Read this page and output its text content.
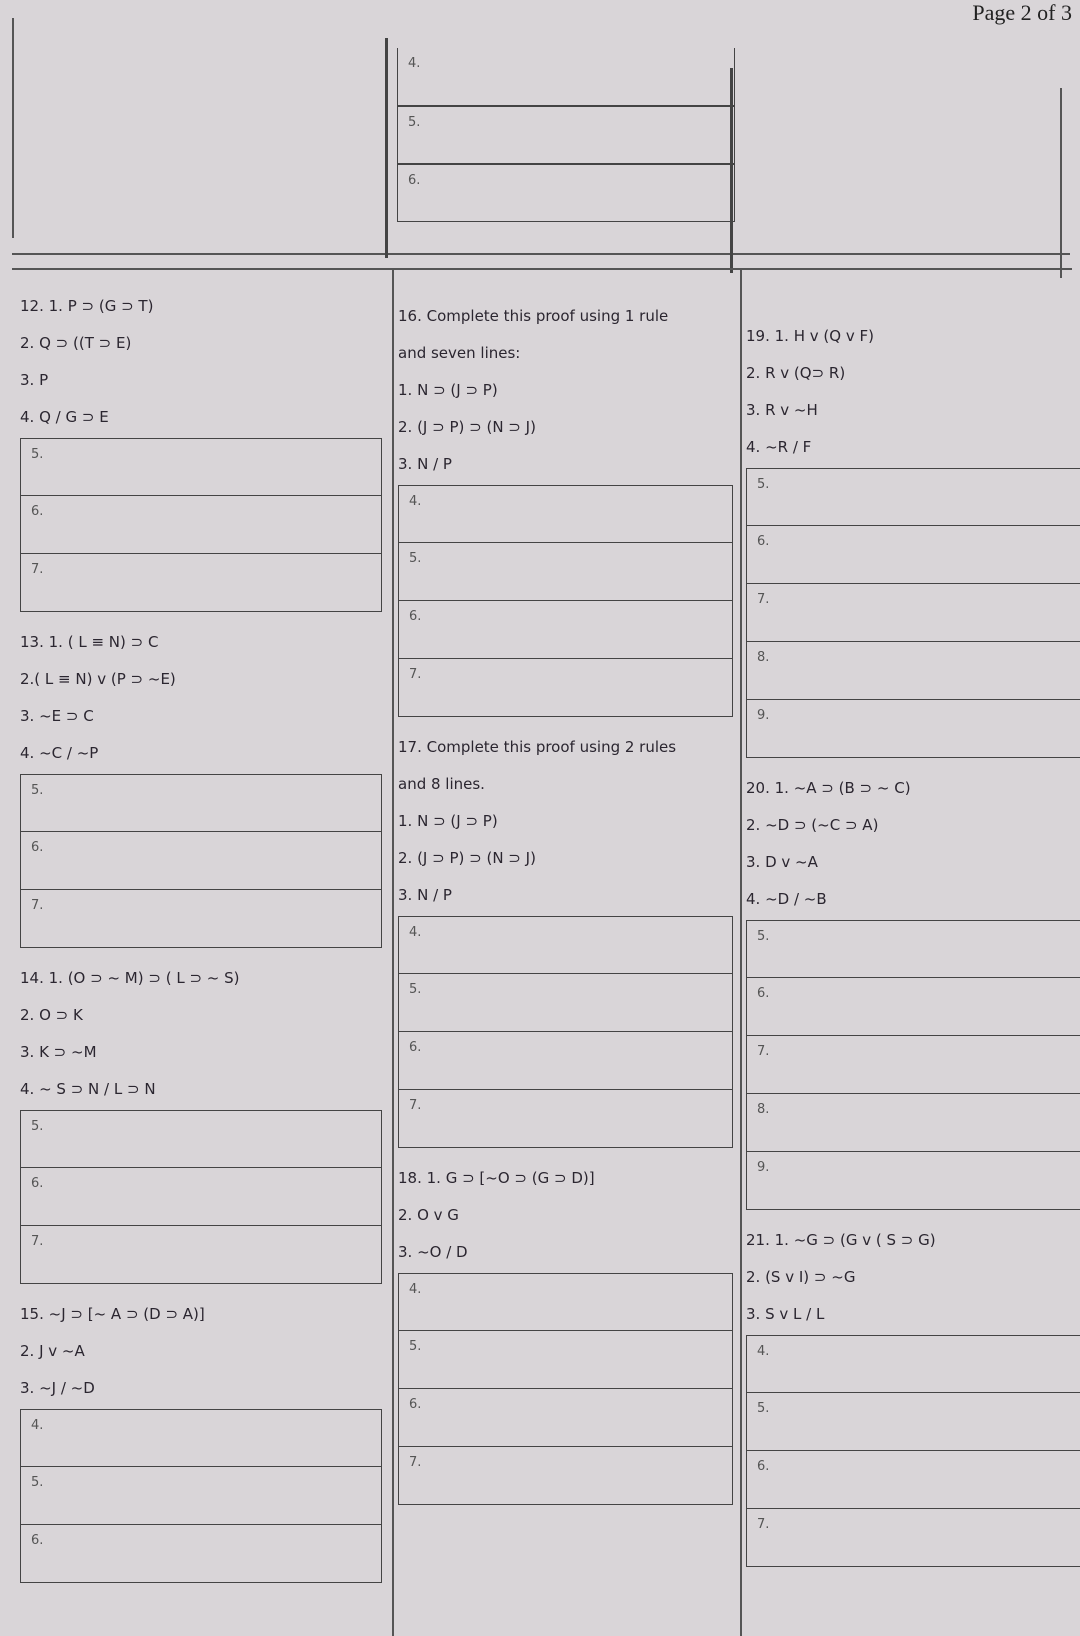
Page 2 of 3
4.
5.
6.
12. 1. P ⊃ (G ⊃ T)
2. Q ⊃ ((T ⊃ E)
3. P
4. Q / G ⊃ E
5.
6.
7.
13. 1. ( L ≡ N) ⊃ C
2.( L ≡ N) v (P ⊃ ~E)
3. ~E ⊃ C
4. ~C / ~P
5.
6.
7.
14. 1. (O ⊃ ~ M) ⊃ ( L ⊃ ~ S)
2. O ⊃ K
3. K ⊃ ~M
4. ~ S ⊃ N / L ⊃ N
5.
6.
7.
15. ~J ⊃ [~ A ⊃ (D ⊃ A)]
2. J v ~A
3. ~J / ~D
4.
5.
6.
16. Complete this proof using 1 rule
and seven lines:
1. N ⊃ (J ⊃ P)
2. (J ⊃ P) ⊃ (N ⊃ J)
3. N / P
4.
5.
6.
7.
17. Complete this proof using 2 rules
and 8 lines.
1. N ⊃ (J ⊃ P)
2. (J ⊃ P) ⊃ (N ⊃ J)
3. N / P
4.
5.
6.
7.
18. 1. G ⊃ [~O ⊃ (G ⊃ D)]
2. O v G
3. ~O / D
4.
5.
6.
7.
19. 1. H v (Q v F)
2. R v (Q⊃ R)
3. R v ~H
4. ~R / F
5.
6.
7.
8.
9.
20. 1. ~A ⊃ (B ⊃ ~ C)
2. ~D ⊃ (~C ⊃ A)
3. D v ~A
4. ~D / ~B
5.
6.
7.
8.
9.
21. 1. ~G ⊃ (G v ( S ⊃ G)
2. (S v I) ⊃ ~G
3. S v L / L
4.
5.
6.
7.
